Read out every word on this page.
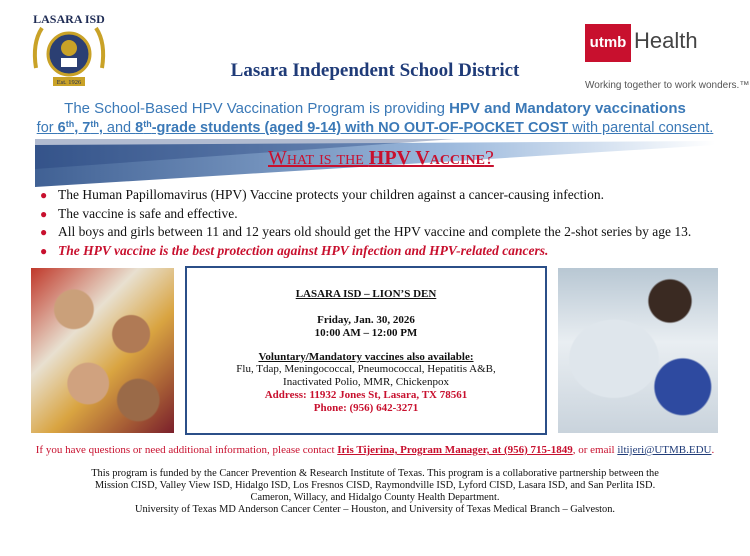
LASARA ISD
Est. 1926
Lasara Independent School District
utmb Health
Working together to work wonders.™
The School-Based HPV Vaccination Program is providing HPV and Mandatory vaccinations
for 6th, 7th, and 8th-grade students (aged 9-14) with NO OUT-OF-POCKET COST with parental consent.
What is the HPV Vaccine?
● The Human Papillomavirus (HPV) Vaccine protects your children against a cancer-causing infection.
● The vaccine is safe and effective.
● All boys and girls between 11 and 12 years old should get the HPV vaccine and complete the 2-shot series by age 13.
● The HPV vaccine is the best protection against HPV infection and HPV-related cancers.
LASARA ISD – LION’S DEN
Friday, Jan. 30, 2026
10:00 AM – 12:00 PM
Voluntary/Mandatory vaccines also available:
Flu, Tdap, Meningococcal, Pneumococcal, Hepatitis A&B,
Inactivated Polio, MMR, Chickenpox
Address: 11932 Jones St, Lasara, TX 78561
Phone: (956) 642-3271
If you have questions or need additional information, please contact Iris Tijerina, Program Manager, at (956) 715-1849, or email iltijeri@UTMB.EDU.
This program is funded by the Cancer Prevention & Research Institute of Texas. This program is a collaborative partnership between the
Mission CISD, Valley View ISD, Hidalgo ISD, Los Fresnos CISD, Raymondville ISD, Lyford CISD, Lasara ISD, and San Perlita ISD.
Cameron, Willacy, and Hidalgo County Health Department.
University of Texas MD Anderson Cancer Center – Houston, and University of Texas Medical Branch – Galveston.
